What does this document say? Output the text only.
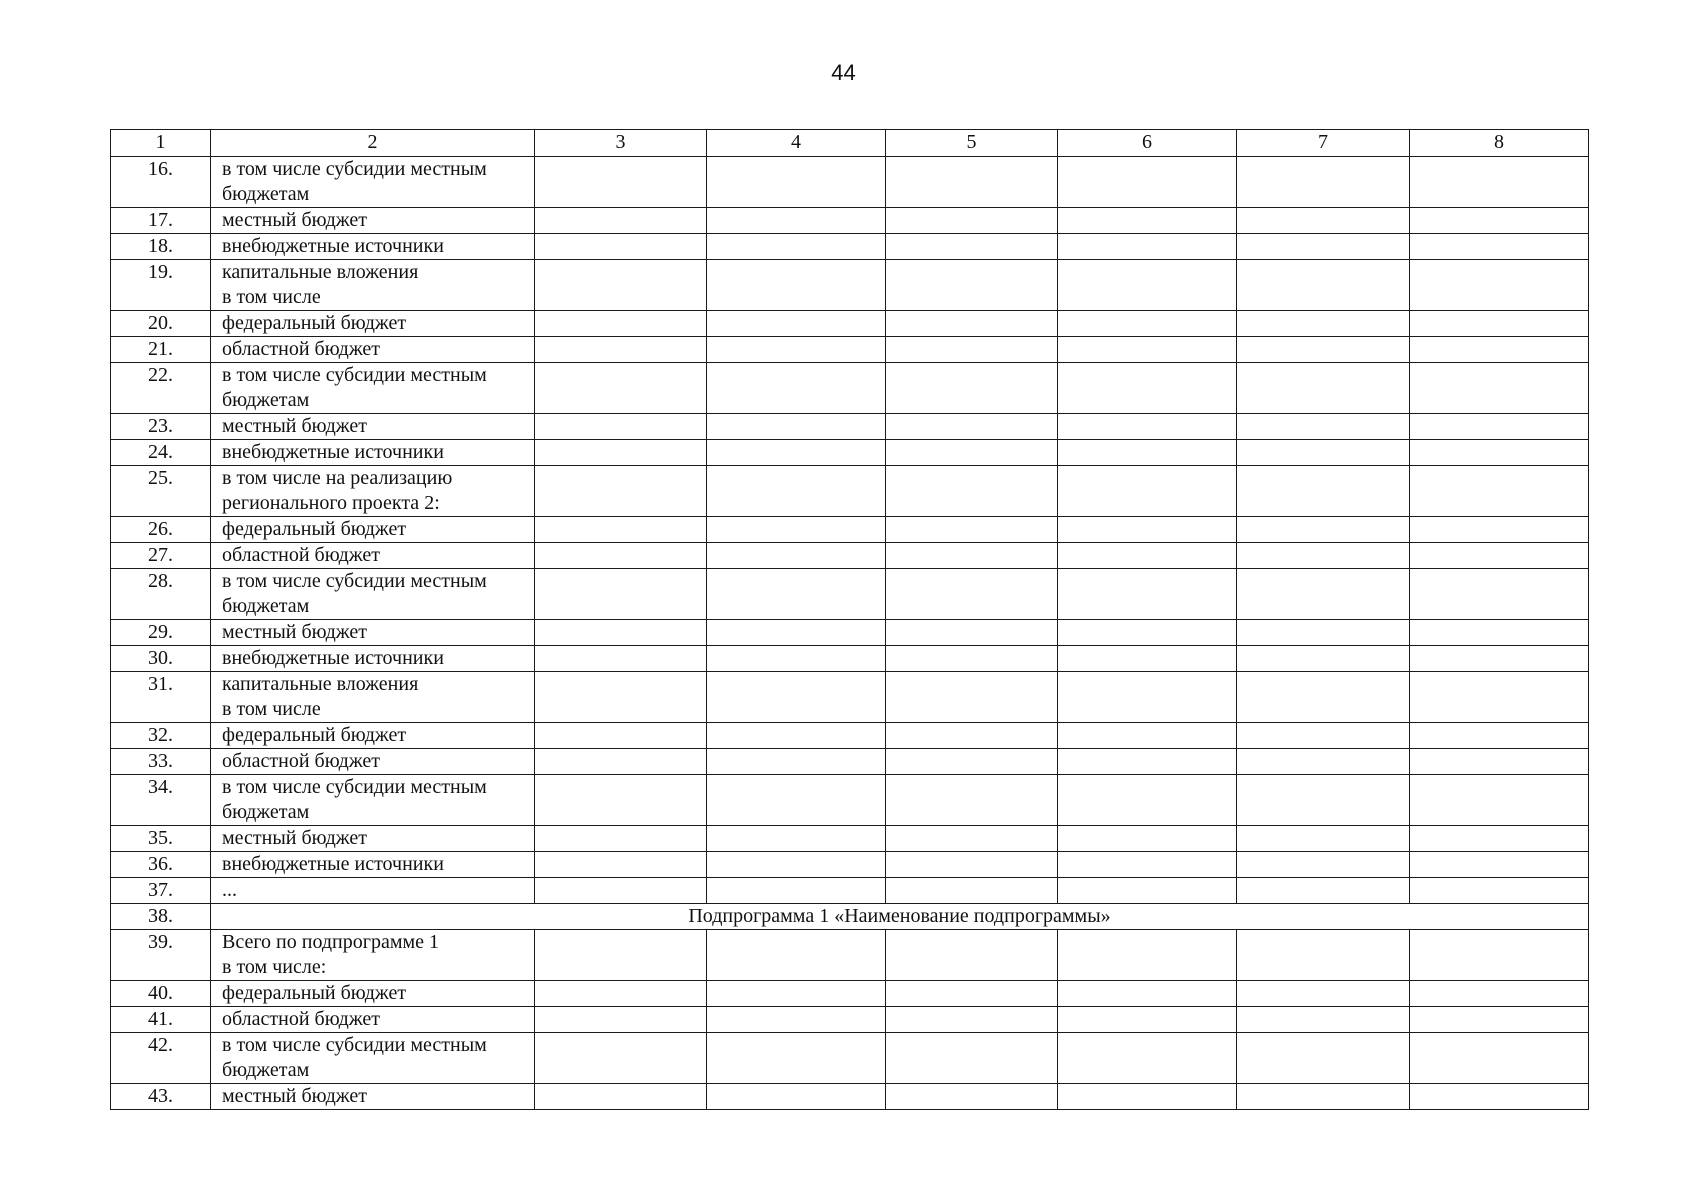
44
1	2	3	4	5	6	7	8
16.	в том числе субсидии местным
бюджетам						
17.	местный бюджет						
18.	внебюджетные источники						
19.	капитальные вложения
в том числе						
20.	федеральный бюджет						
21.	областной бюджет						
22.	в том числе субсидии местным
бюджетам						
23.	местный бюджет						
24.	внебюджетные источники						
25.	в том числе на реализацию
регионального проекта 2:						
26.	федеральный бюджет						
27.	областной бюджет						
28.	в том числе субсидии местным
бюджетам						
29.	местный бюджет						
30.	внебюджетные источники						
31.	капитальные вложения
в том числе						
32.	федеральный бюджет						
33.	областной бюджет						
34.	в том числе субсидии местным
бюджетам						
35.	местный бюджет						
36.	внебюджетные источники						
37.	...						
38.	Подпрограмма 1 «Наименование подпрограммы»						
39.	Всего по подпрограмме 1
в том числе:						
40.	федеральный бюджет						
41.	областной бюджет						
42.	в том числе субсидии местным
бюджетам						
43.	местный бюджет						
